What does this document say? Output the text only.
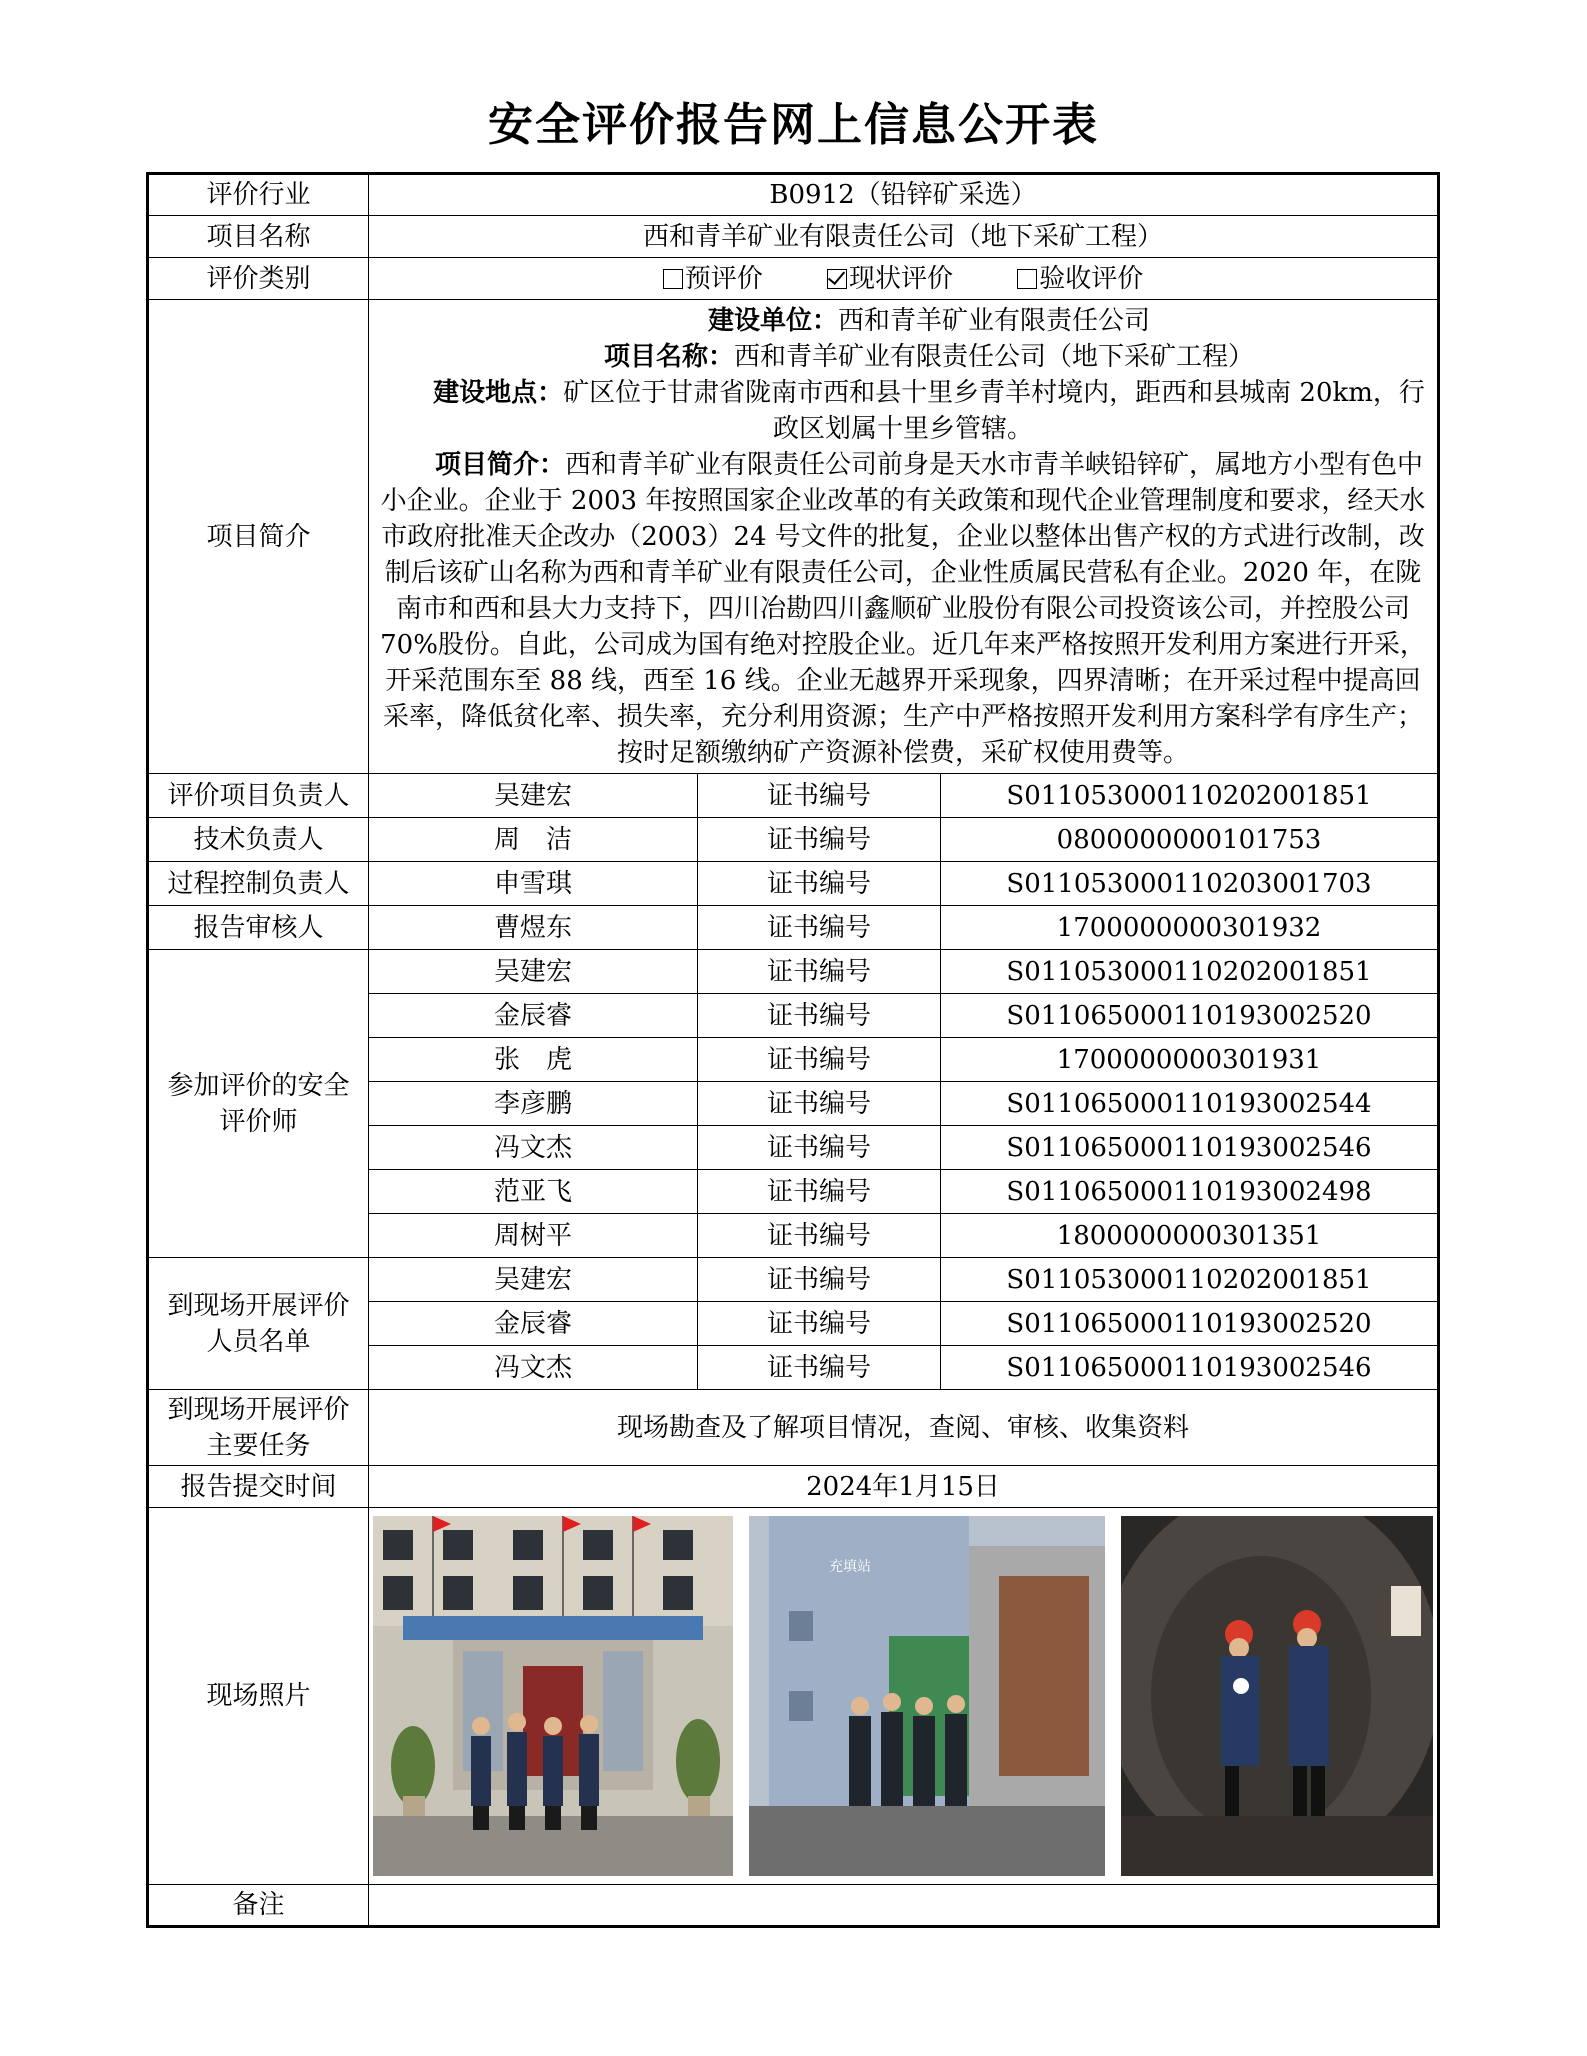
安全评价报告网上信息公开表
评价行业	B0912（铅锌矿采选）		
项目名称	西和青羊矿业有限责任公司（地下采矿工程）		
评价类别	预评价 现状评价 验收评价		
项目简介	建设单位：西和青羊矿业有限责任公司

项目名称：西和青羊矿业有限责任公司（地下采矿工程）

建设地点：矿区位于甘肃省陇南市西和县十里乡青羊村境内，距西和县城南 20km，行政区划属十里乡管辖。

项目简介：西和青羊矿业有限责任公司前身是天水市青羊峡铅锌矿，属地方小型有色中小企业。企业于 2003 年按照国家企业改革的有关政策和现代企业管理制度和要求，经天水市政府批准天企改办（2003）24 号文件的批复，企业以整体出售产权的方式进行改制，改制后该矿山名称为西和青羊矿业有限责任公司，企业性质属民营私有企业。2020 年，在陇南市和西和县大力支持下，四川冶勘四川鑫顺矿业股份有限公司投资该公司，并控股公司 70%股份。自此，公司成为国有绝对控股企业。近几年来严格按照开发利用方案进行开采，开采范围东至 88 线，西至 16 线。企业无越界开采现象，四界清晰；在开采过程中提高回采率，降低贫化率、损失率，充分利用资源；生产中严格按照开发利用方案科学有序生产；按时足额缴纳矿产资源补偿费，采矿权使用费等。		

评价项目负责人	吴建宏	证书编号	S011053000110202001851
技术负责人	周　洁	证书编号	0800000000101753
过程控制负责人	申雪琪	证书编号	S011053000110203001703
报告审核人	曹煜东	证书编号	1700000000301932
参加评价的安全评价师	吴建宏	证书编号	S011053000110202001851
	金辰睿	证书编号	S011065000110193002520
	张　虎	证书编号	1700000000301931
	李彦鹏	证书编号	S011065000110193002544
	冯文杰	证书编号	S011065000110193002546
	范亚飞	证书编号	S011065000110193002498
	周树平	证书编号	1800000000301351
到现场开展评价人员名单	吴建宏	证书编号	S011053000110202001851
	金辰睿	证书编号	S011065000110193002520
	冯文杰	证书编号	S011065000110193002546
到现场开展评价主要任务	现场勘查及了解项目情况，查阅、审核、收集资料		
报告提交时间	2024年1月15日		
现场照片	充填站		

备注			
